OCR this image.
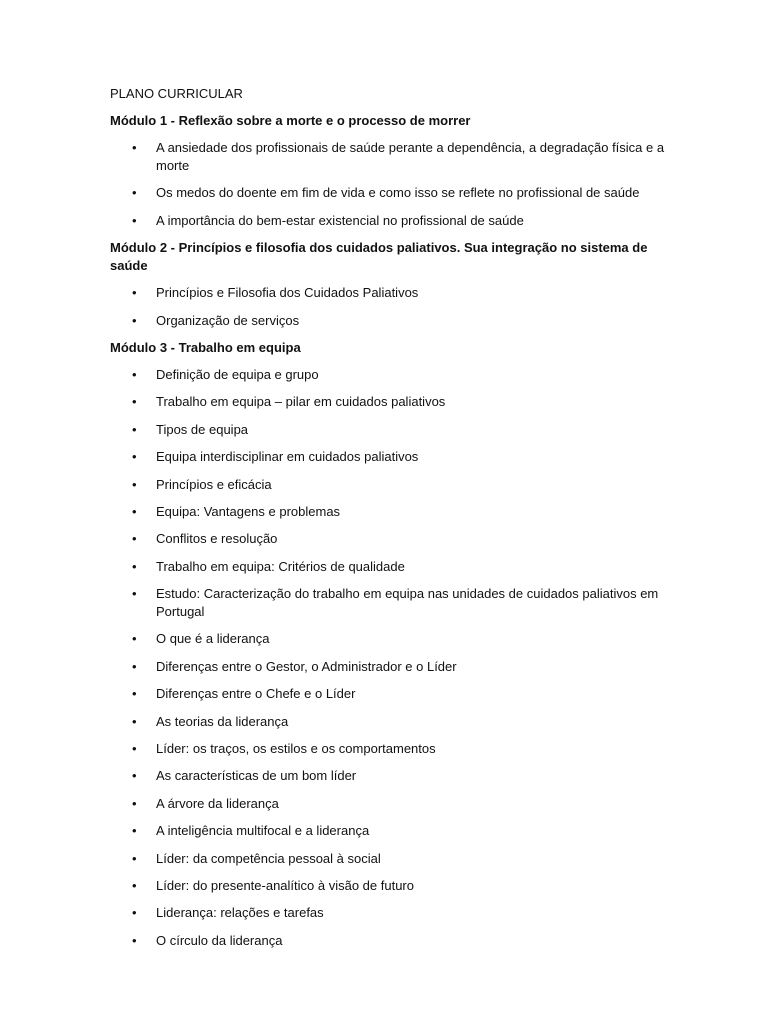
PLANO CURRICULAR

Módulo 1 - Reflexão sobre a morte e o processo de morrer

• A ansiedade dos profissionais de saúde perante a dependência, a degradação física e a morte
• Os medos do doente em fim de vida e como isso se reflete no profissional de saúde
• A importância do bem-estar existencial no profissional de saúde

Módulo 2 - Princípios e filosofia dos cuidados paliativos. Sua integração no sistema de saúde

• Princípios e Filosofia dos Cuidados Paliativos
• Organização de serviços

Módulo 3 - Trabalho em equipa

• Definição de equipa e grupo
• Trabalho em equipa – pilar em cuidados paliativos
• Tipos de equipa
• Equipa interdisciplinar em cuidados paliativos
• Princípios e eficácia
• Equipa: Vantagens e problemas
• Conflitos e resolução
• Trabalho em equipa: Critérios de qualidade
• Estudo: Caracterização do trabalho em equipa nas unidades de cuidados paliativos em Portugal
• O que é a liderança
• Diferenças entre o Gestor, o Administrador e o Líder
• Diferenças entre o Chefe e o Líder
• As teorias da liderança
• Líder: os traços, os estilos e os comportamentos
• As características de um bom líder
• A árvore da liderança
• A inteligência multifocal e a liderança
• Líder: da competência pessoal à social
• Líder: do presente-analítico à visão de futuro
• Liderança: relações e tarefas
• O círculo da liderança
